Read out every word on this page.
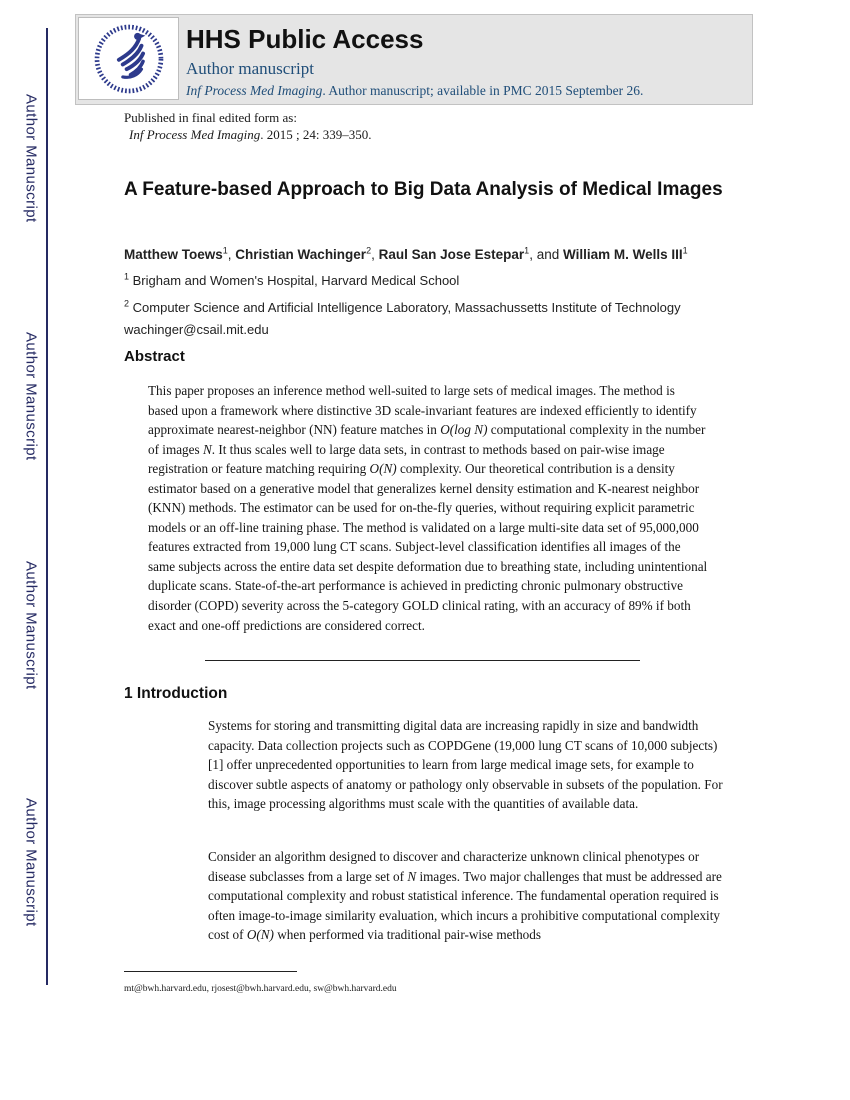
Author Manuscript
Author Manuscript
Author Manuscript
Author Manuscript
HHS Public Access
Author manuscript
Inf Process Med Imaging. Author manuscript; available in PMC 2015 September 26.
Published in final edited form as:
Inf Process Med Imaging. 2015 ; 24: 339–350.
A Feature-based Approach to Big Data Analysis of Medical Images
Matthew Toews$^1$, Christian Wachinger$^2$, Raul San Jose Estepar$^1$, and William M. Wells III$^1$
$^1$ Brigham and Women's Hospital, Harvard Medical School
$^2$ Computer Science and Artificial Intelligence Laboratory, Massachussetts Institute of Technology
wachinger@csail.mit.edu
Abstract
This paper proposes an inference method well-suited to large sets of medical images. The method is based upon a framework where distinctive 3D scale-invariant features are indexed efficiently to identify approximate nearest-neighbor (NN) feature matches in O(log N) computational complexity in the number of images N. It thus scales well to large data sets, in contrast to methods based on pair-wise image registration or feature matching requiring O(N) complexity. Our theoretical contribution is a density estimator based on a generative model that generalizes kernel density estimation and K-nearest neighbor (KNN) methods. The estimator can be used for on-the-fly queries, without requiring explicit parametric models or an off-line training phase. The method is validated on a large multi-site data set of 95,000,000 features extracted from 19,000 lung CT scans. Subject-level classification identifies all images of the same subjects across the entire data set despite deformation due to breathing state, including unintentional duplicate scans. State-of-the-art performance is achieved in predicting chronic pulmonary obstructive disorder (COPD) severity across the 5-category GOLD clinical rating, with an accuracy of 89% if both exact and one-off predictions are considered correct.
1 Introduction
Systems for storing and transmitting digital data are increasing rapidly in size and bandwidth capacity. Data collection projects such as COPDGene (19,000 lung CT scans of 10,000 subjects) [1] offer unprecedented opportunities to learn from large medical image sets, for example to discover subtle aspects of anatomy or pathology only observable in subsets of the population. For this, image processing algorithms must scale with the quantities of available data.
Consider an algorithm designed to discover and characterize unknown clinical phenotypes or disease subclasses from a large set of N images. Two major challenges that must be addressed are computational complexity and robust statistical inference. The fundamental operation required is often image-to-image similarity evaluation, which incurs a prohibitive computational complexity cost of O(N) when performed via traditional pair-wise methods
mt@bwh.harvard.edu, rjosest@bwh.harvard.edu, sw@bwh.harvard.edu
